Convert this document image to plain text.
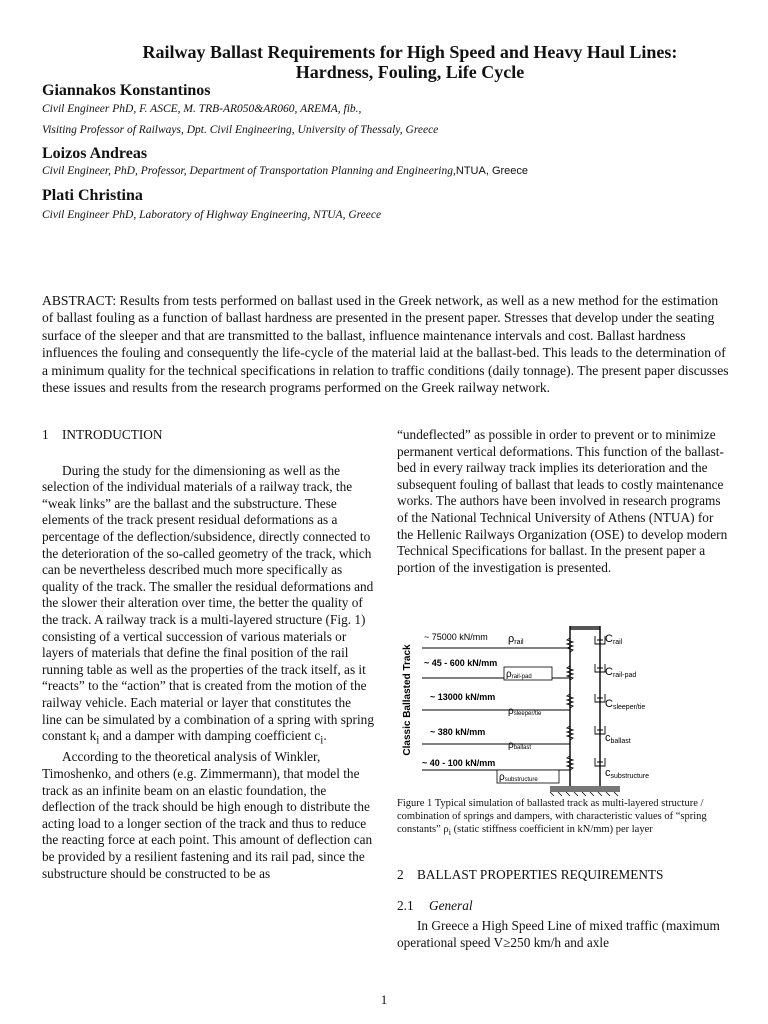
Railway Ballast Requirements for High Speed and Heavy Haul Lines:
Hardness, Fouling, Life Cycle
Giannakos Konstantinos
Civil Engineer PhD, F. ASCE, M. TRB-AR050&AR060, AREMA, fib.,
Visiting Professor of Railways, Dpt. Civil Engineering, University of Thessaly, Greece
Loizos Andreas
Civil Engineer, PhD, Professor, Department of Transportation Planning and Engineering,NTUA, Greece
Plati Christina
Civil Engineer PhD, Laboratory of Highway Engineering, NTUA, Greece
ABSTRACT: Results from tests performed on ballast used in the Greek network, as well as a new method for the estimation of ballast fouling as a function of ballast hardness are presented in the present paper. Stresses that develop under the seating surface of the sleeper and that are transmitted to the ballast, influence maintenance intervals and cost. Ballast hardness influences the fouling and consequently the life-cycle of the material laid at the ballast-bed. This leads to the determination of a minimum quality for the technical specifications in relation to traffic conditions (daily tonnage). The present paper discusses these issues and results from the research programs performed on the Greek railway network.
1 INTRODUCTION

During the study for the dimensioning as well as the selection of the individual materials of a railway track, the “weak links” are the ballast and the substructure. These elements of the track present residual deformations as a percentage of the deflection/subsidence, directly connected to the deterioration of the so-called geometry of the track, which can be nevertheless described much more specifically as quality of the track. The smaller the residual deformations and the slower their alteration over time, the better the quality of the track. A railway track is a multi-layered structure (Fig. 1) consisting of a vertical succession of various materials or layers of materials that define the final position of the rail running table as well as the properties of the track itself, as it “reacts” to the “action” that is created from the motion of the railway vehicle. Each material or layer that constitutes the line can be simulated by a combination of a spring with spring constant $k_i$ and a damper with damping coefficient $c_i$.

According to the theoretical analysis of Winkler, Timoshenko, and others (e.g. Zimmermann), that model the track as an infinite beam on an elastic foundation, the deflection of the track should be high enough to distribute the acting load to a longer section of the track and thus to reduce the reacting force at each point. This amount of deflection can be provided by a resilient fastening and its rail pad, since the substructure should be constructed to be as

“undeflected” as possible in order to prevent or to minimize permanent vertical deformations. This function of the ballast-bed in every railway track implies its deterioration and the subsequent fouling of ballast that leads to costly maintenance works. The authors have been involved in research programs of the National Technical University of Athens (NTUA) for the Hellenic Railways Organization (OSE) to develop modern Technical Specifications for ballast. In the present paper a portion of the investigation is presented.

Classic Ballasted Track
~ 75000 kN/mm
~ 45 - 600 kN/mm
~ 13000 kN/mm
~ 380 kN/mm
~ 40 - 100 kN/mm
ρrail
ρrail-pad
ρsleeper/tie
ρballast
ρsubstructure
Crail
Crail-pad
Csleeper/tie
cballast
csubstructure
Figure 1 Typical simulation of ballasted track as multi-layered structure / combination of springs and dampers, with characteristic values of “spring constants” $\rho_i$ (static stiffness coefficient in kN/mm) per layer
2 BALLAST PROPERTIES REQUIREMENTS
2.1 General

In Greece a High Speed Line of mixed traffic (maximum operational speed V≥250 km/h and axle

1
